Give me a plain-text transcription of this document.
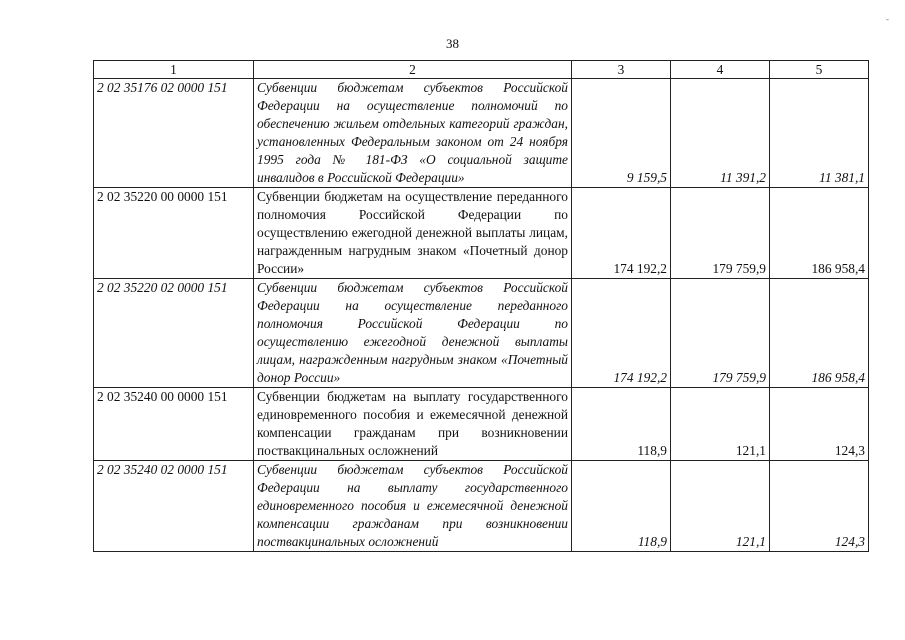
38
-
1	2	3	4	5
2 02 35176 02 0000 151	Субвенции бюджетам субъектов Российской Федерации на осуществление полномочий по обеспечению жильем отдельных категорий граждан, установленных Федеральным законом от 24 ноября 1995 года № 181-ФЗ «О социальной защите инвалидов в Российской Федерации»	9 159,5	11 391,2	11 381,1
2 02 35220 00 0000 151	Субвенции бюджетам на осуществление переданного полномочия Российской Федерации по осуществлению ежегодной денежной выплаты лицам, награжденным нагрудным знаком «Почетный донор России»	174 192,2	179 759,9	186 958,4
2 02 35220 02 0000 151	Субвенции бюджетам субъектов Российской Федерации на осуществление переданного полномочия Российской Федерации по осуществлению ежегодной денежной выплаты лицам, награжденным нагрудным знаком «Почетный донор России»	174 192,2	179 759,9	186 958,4
2 02 35240 00 0000 151	Субвенции бюджетам на выплату государственного единовременного пособия и ежемесячной денежной компенсации гражданам при возникновении поствакцинальных осложнений	118,9	121,1	124,3
2 02 35240 02 0000 151	Субвенции бюджетам субъектов Российской Федерации на выплату государственного единовременного пособия и ежемесячной денежной компенсации гражданам при возникновении поствакцинальных осложнений	118,9	121,1	124,3
